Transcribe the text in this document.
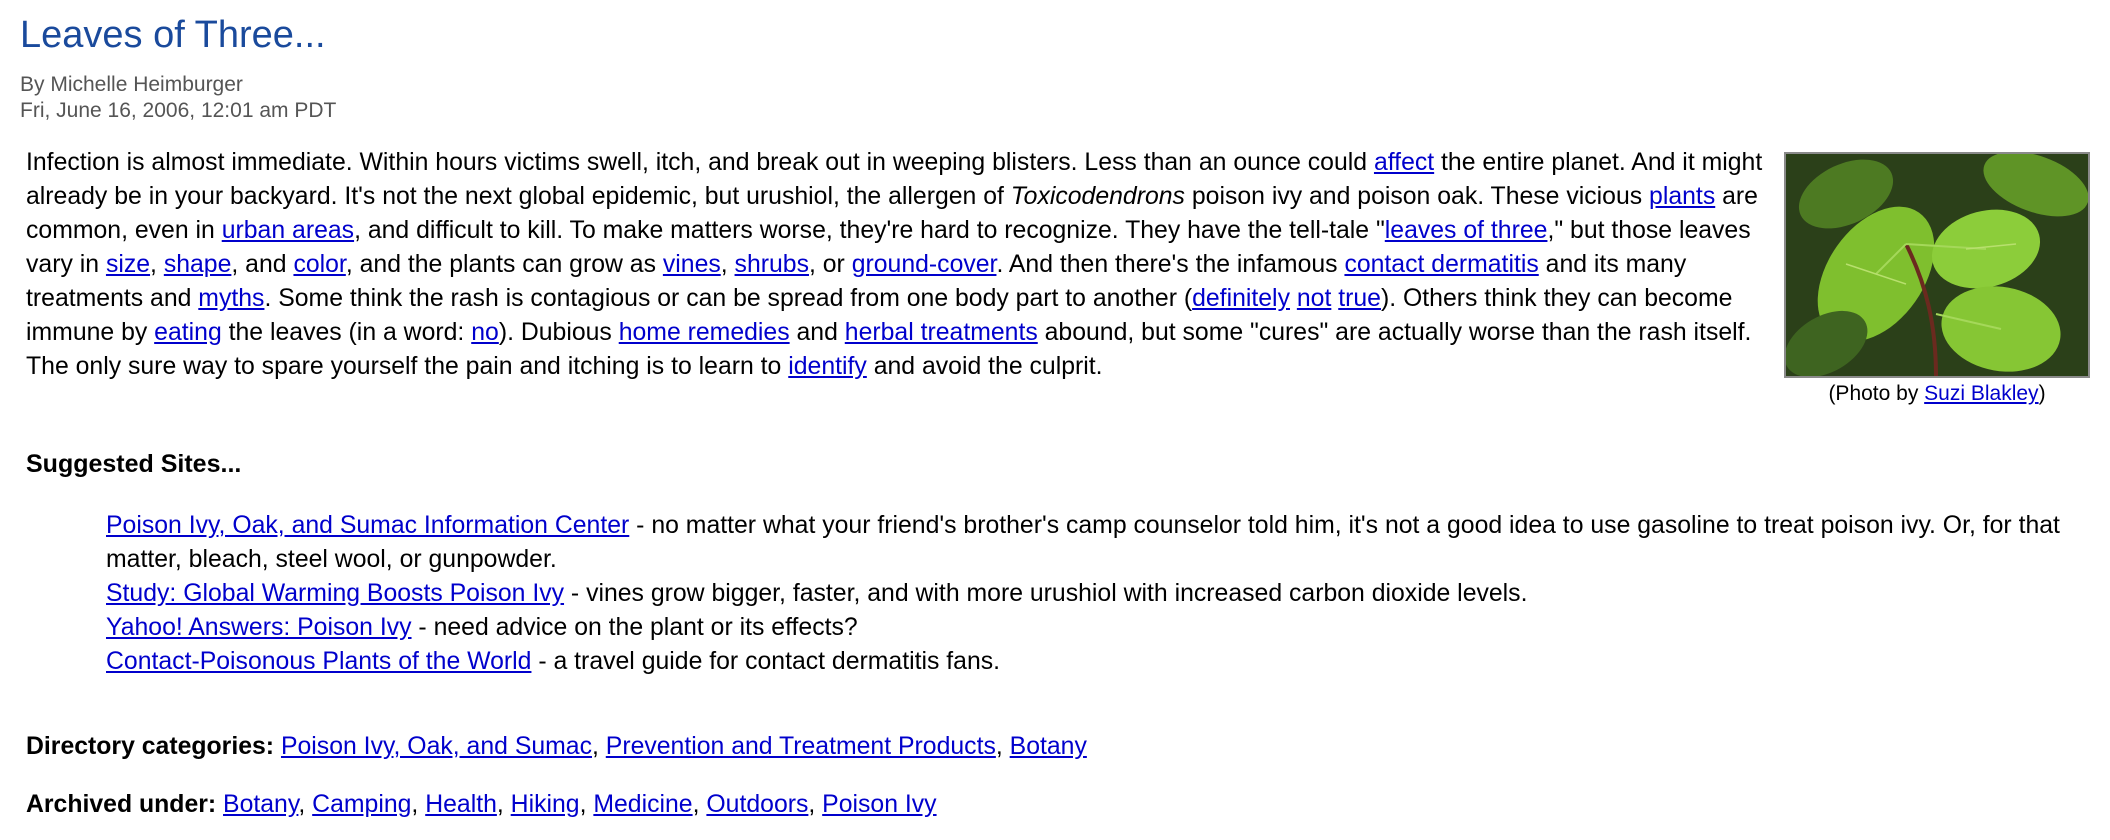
Leaves of Three...
By Michelle Heimburger
Fri, June 16, 2006, 12:01 am PDT

Infection is almost immediate. Within hours victims swell, itch, and break out in weeping blisters. Less than an ounce could affect the entire planet. And it might already be in your backyard. It's not the next global epidemic, but urushiol, the allergen of Toxicodendrons poison ivy and poison oak. These vicious plants are common, even in urban areas, and difficult to kill. To make matters worse, they're hard to recognize. They have the tell-tale "leaves of three," but those leaves vary in size, shape, and color, and the plants can grow as vines, shrubs, or ground-cover. And then there's the infamous contact dermatitis and its many treatments and myths. Some think the rash is contagious or can be spread from one body part to another (definitely not true). Others think they can become immune by eating the leaves (in a word: no). Dubious home remedies and herbal treatments abound, but some "cures" are actually worse than the rash itself. The only sure way to spare yourself the pain and itching is to learn to identify and avoid the culprit.

(Photo by Suzi Blakley)
Suggested Sites...
Poison Ivy, Oak, and Sumac Information Center - no matter what your friend's brother's camp counselor told him, it's not a good idea to use gasoline to treat poison ivy. Or, for that matter, bleach, steel wool, or gunpowder.
Study: Global Warming Boosts Poison Ivy - vines grow bigger, faster, and with more urushiol with increased carbon dioxide levels.
Yahoo! Answers: Poison Ivy - need advice on the plant or its effects?
Contact-Poisonous Plants of the World - a travel guide for contact dermatitis fans.
Directory categories: Poison Ivy, Oak, and Sumac, Prevention and Treatment Products, Botany
Archived under: Botany, Camping, Health, Hiking, Medicine, Outdoors, Poison Ivy
